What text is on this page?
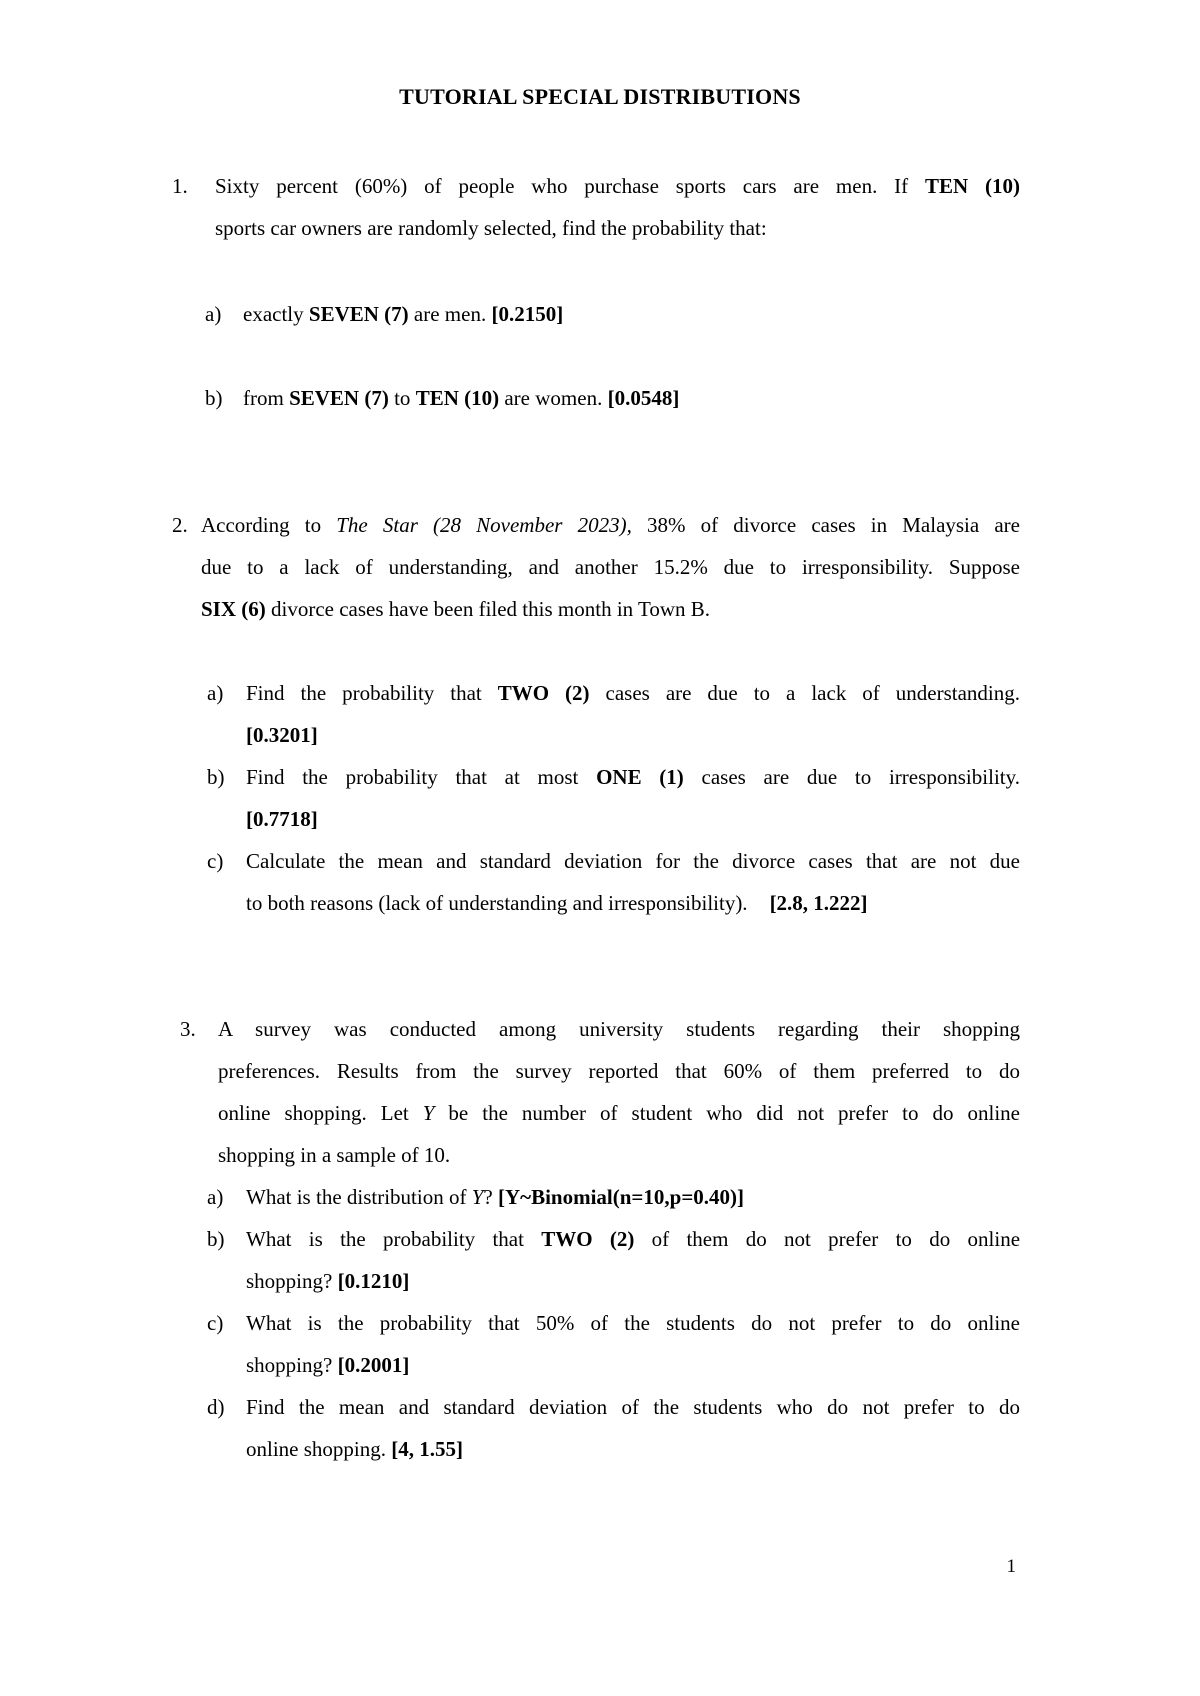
TUTORIAL SPECIAL DISTRIBUTIONS
1. Sixty percent (60%) of people who purchase sports cars are men. If TEN (10)
sports car owners are randomly selected, find the probability that:
a) exactly SEVEN (7) are men. [0.2150]
b) from SEVEN (7) to TEN (10) are women. [0.0548]
2. According to The Star (28 November 2023), 38% of divorce cases in Malaysia are
due to a lack of understanding, and another 15.2% due to irresponsibility. Suppose
SIX (6) divorce cases have been filed this month in Town B.
a) Find the probability that TWO (2) cases are due to a lack of understanding.
[0.3201]
b) Find the probability that at most ONE (1) cases are due to irresponsibility.
[0.7718]
c) Calculate the mean and standard deviation for the divorce cases that are not due
to both reasons (lack of understanding and irresponsibility). [2.8, 1.222]
3. A survey was conducted among university students regarding their shopping
preferences. Results from the survey reported that 60% of them preferred to do
online shopping. Let Y be the number of student who did not prefer to do online
shopping in a sample of 10.
a) What is the distribution of Y? [Y~Binomial(n=10,p=0.40)]
b) What is the probability that TWO (2) of them do not prefer to do online
shopping? [0.1210]
c) What is the probability that 50% of the students do not prefer to do online
shopping? [0.2001]
d) Find the mean and standard deviation of the students who do not prefer to do
online shopping. [4, 1.55]
1
